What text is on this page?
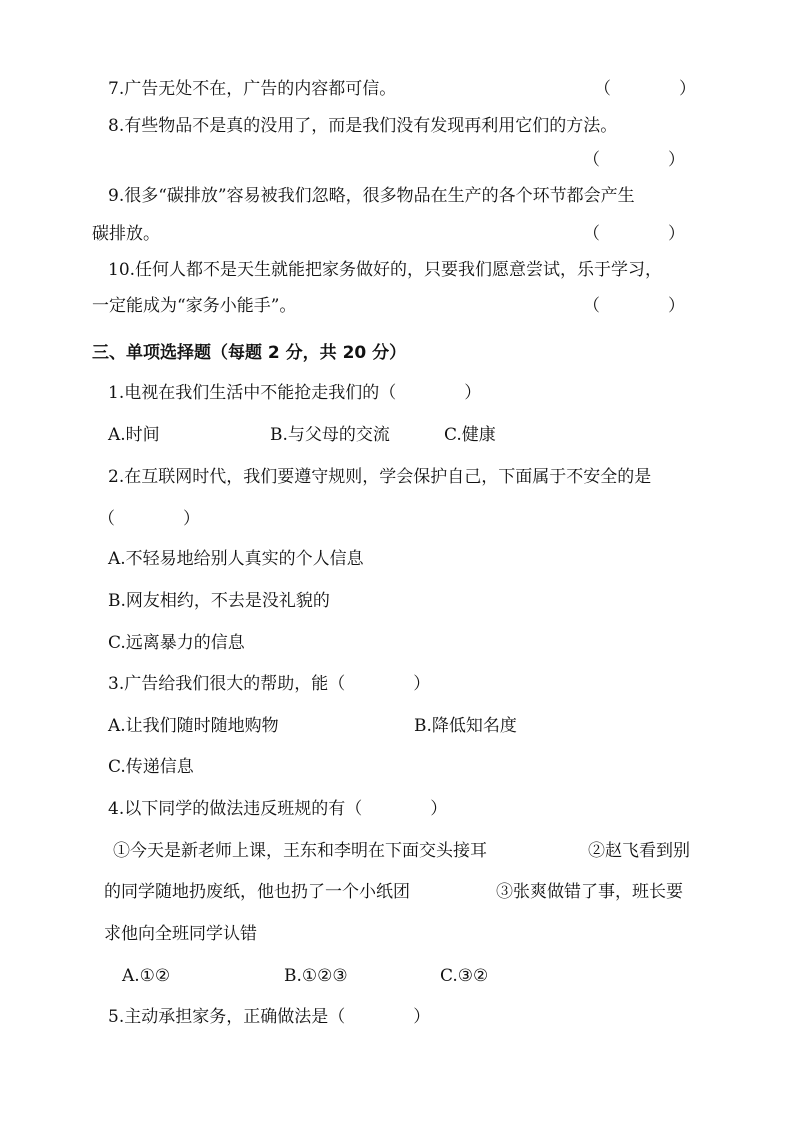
7.广告无处不在，广告的内容都可信。	（　　　　）
8.有些物品不是真的没用了，而是我们没有发现再利用它们的方法。
（　　　　）
9.很多“碳排放”容易被我们忽略，很多物品在生产的各个环节都会产生
碳排放。	（　　　　）
10.任何人都不是天生就能把家务做好的，只要我们愿意尝试，乐于学习，
一定能成为“家务小能手”。	（　　　　）
三、单项选择题（每题 2 分，共 20 分）
1.电视在我们生活中不能抢走我们的（　　　　）
A.时间	B.与父母的交流	C.健康
2.在互联网时代，我们要遵守规则，学会保护自己，下面属于不安全的是
（　　　　）
A.不轻易地给别人真实的个人信息
B.网友相约，不去是没礼貌的
C.远离暴力的信息
3.广告给我们很大的帮助，能（　　　　）
A.让我们随时随地购物	B.降低知名度
C.传递信息
4.以下同学的做法违反班规的有（　　　　）
①今天是新老师上课，王东和李明在下面交头接耳	②赵飞看到别
的同学随地扔废纸，他也扔了一个小纸团	③张爽做错了事，班长要
求他向全班同学认错
A.①②	B.①②③	C.③②
5.主动承担家务，正确做法是（　　　　）
